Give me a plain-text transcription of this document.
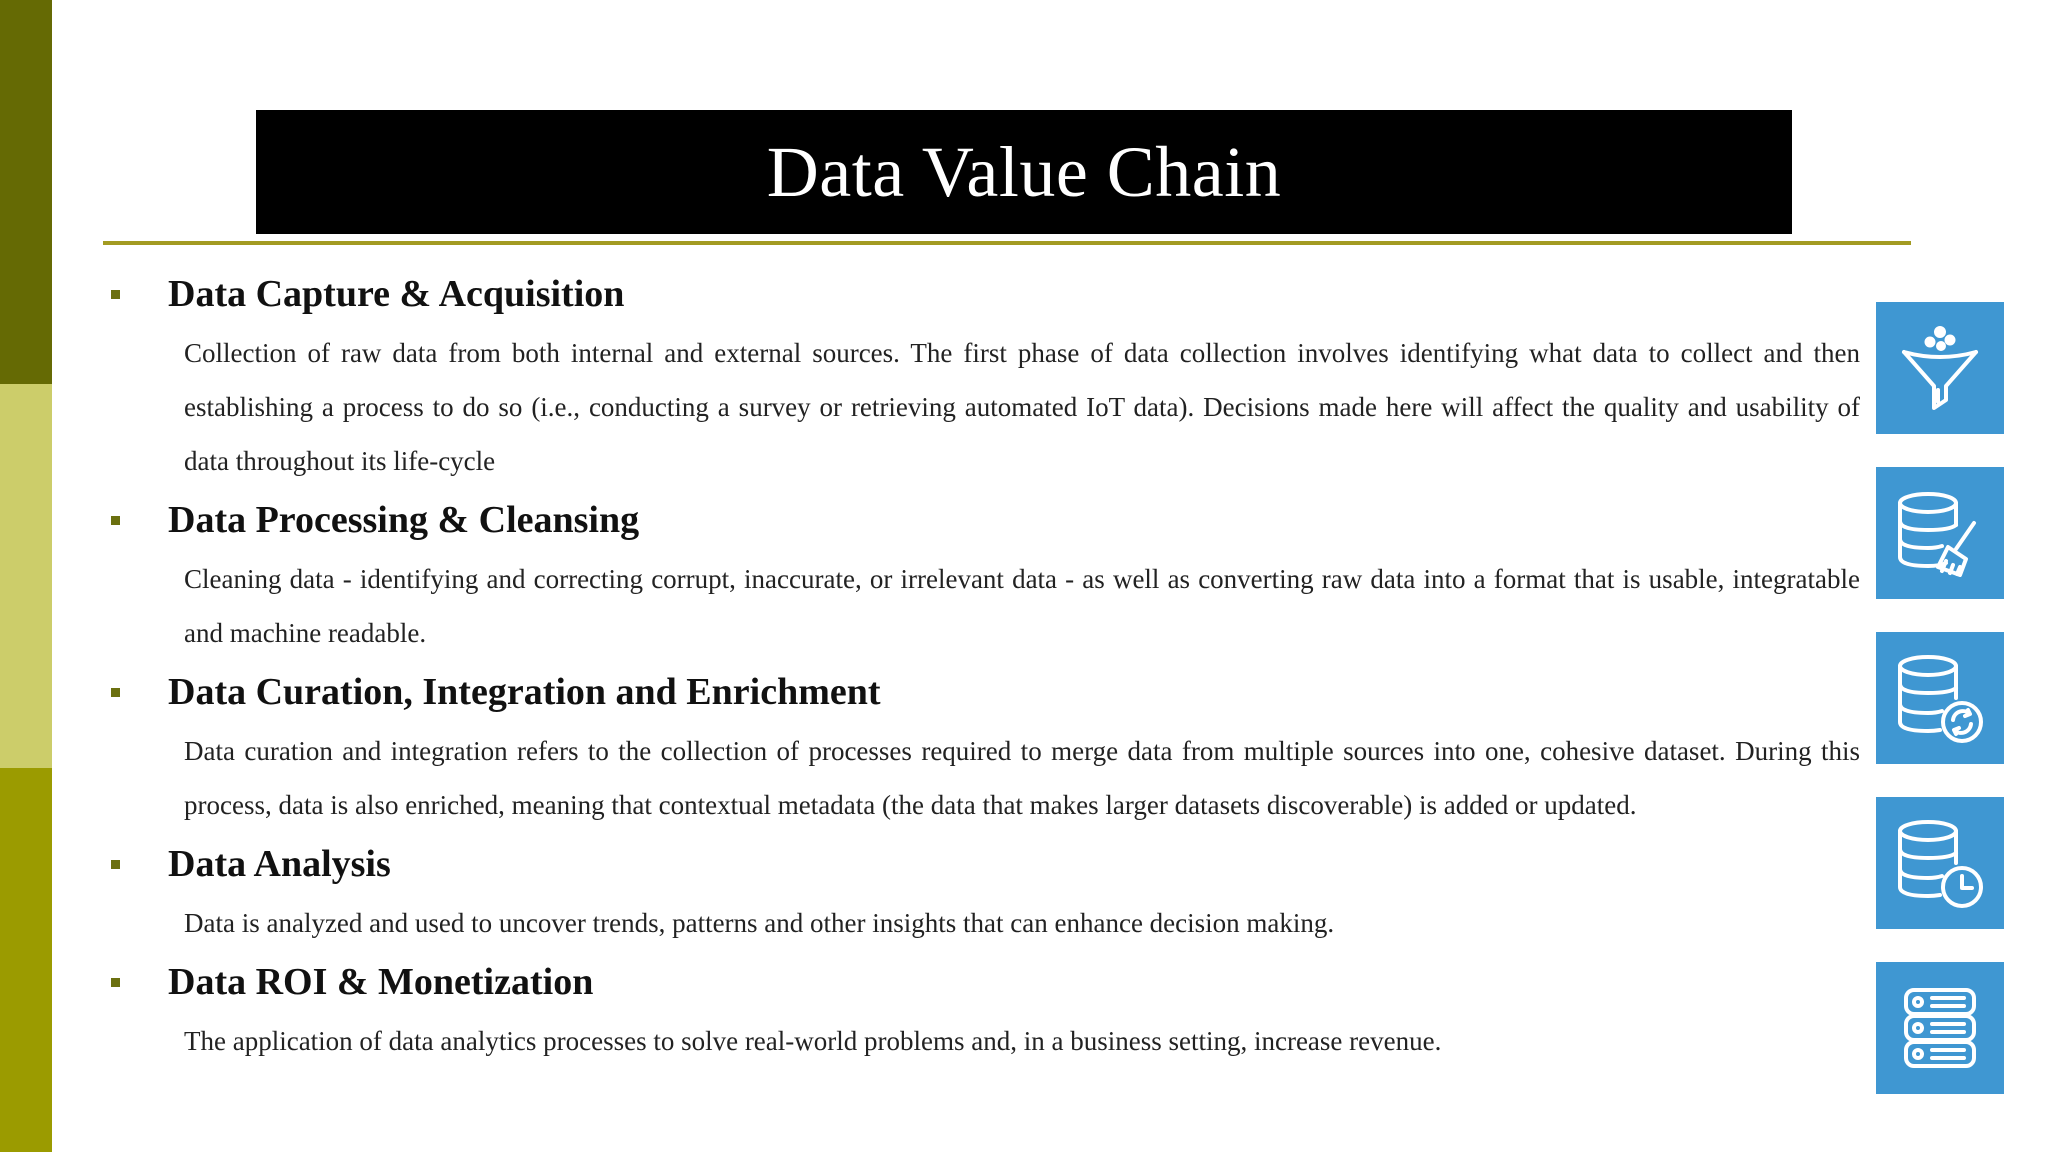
Data Value Chain
Data Capture & Acquisition

Collection of raw data from both internal and external sources. The first phase of data collection involves identifying what data to collect and then establishing a process to do so (i.e., conducting a survey or retrieving automated IoT data). Decisions made here will affect the quality and usability of data throughout its life-cycle

Data Processing & Cleansing

Cleaning data - identifying and correcting corrupt, inaccurate, or irrelevant data - as well as converting raw data into a format that is usable, integratable and machine readable.

Data Curation, Integration and Enrichment

Data curation and integration refers to the collection of processes required to merge data from multiple sources into one, cohesive dataset. During this process, data is also enriched, meaning that contextual metadata (the data that makes larger datasets discoverable) is added or updated.

Data Analysis

Data is analyzed and used to uncover trends, patterns and other insights that can enhance decision making.

Data ROI & Monetization

The application of data analytics processes to solve real-world problems and, in a business setting, increase revenue.
